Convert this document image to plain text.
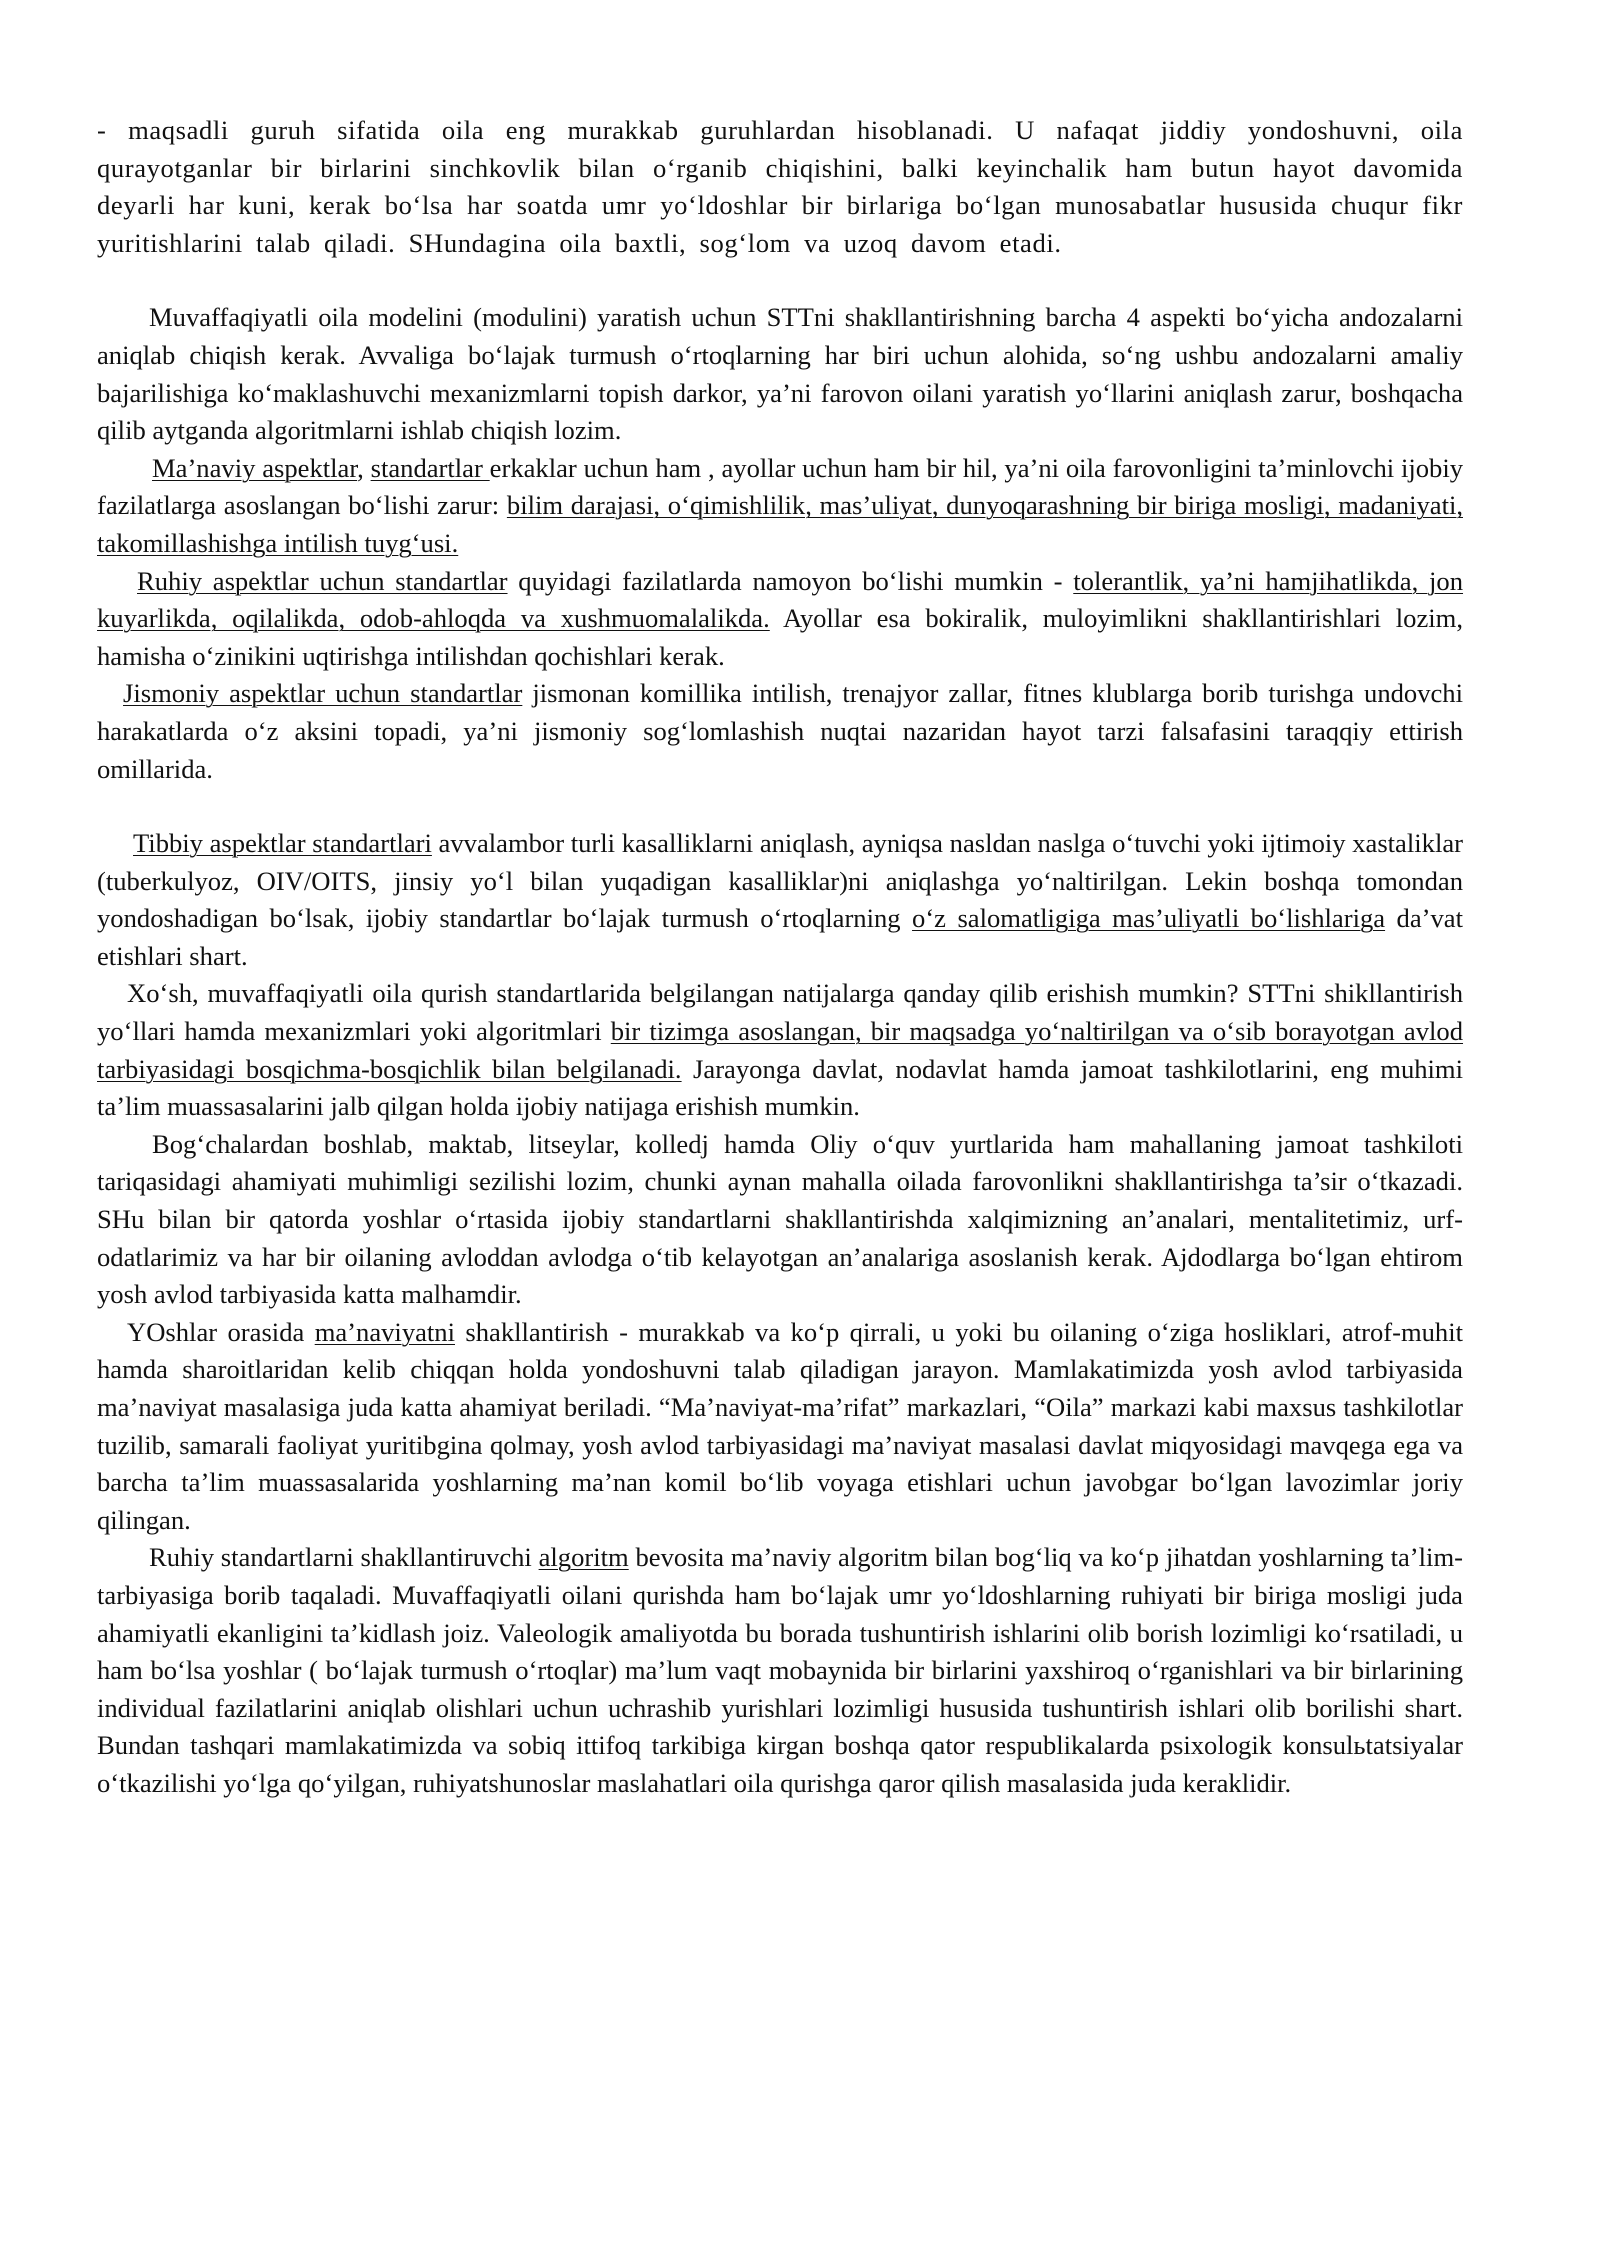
- maqsadli guruh sifatida oila eng murakkab guruhlardan hisoblanadi. U nafaqat jiddiy yondoshuvni, oila qurayotganlar bir birlarini sinchkovlik bilan o‘rganib chiqishini, balki keyinchalik ham butun hayot davomida deyarli har kuni, kerak bo‘lsa har soatda umr yo‘ldoshlar bir birlariga bo‘lgan munosabatlar hususida chuqur fikr yuritishlarini talab qiladi. SHundagina oila baxtli, sog‘lom va uzoq davom etadi.

Muvaffaqiyatli oila modelini (modulini) yaratish uchun STTni shakllantirishning barcha 4 aspekti bo‘yicha andozalarni aniqlab chiqish kerak. Avvaliga bo‘lajak turmush o‘rtoqlarning har biri uchun alohida, so‘ng ushbu andozalarni amaliy bajarilishiga ko‘maklashuvchi mexanizmlarni topish darkor, ya’ni farovon oilani yaratish yo‘llarini aniqlash zarur, boshqacha qilib aytganda algoritmlarni ishlab chiqish lozim.

Ma’naviy aspektlar, standartlar erkaklar uchun ham , ayollar uchun ham bir hil, ya’ni oila farovonligini ta’minlovchi ijobiy fazilatlarga asoslangan bo‘lishi zarur: bilim darajasi, o‘qimishlilik, mas’uliyat, dunyoqarashning bir biriga mosligi, madaniyati, takomillashishga intilish tuyg‘usi.

Ruhiy aspektlar uchun standartlar quyidagi fazilatlarda namoyon bo‘lishi mumkin - tolerantlik, ya’ni hamjihatlikda, jon kuyarlikda, oqilalikda, odob-ahloqda va xushmuomalalikda. Ayollar esa bokiralik, muloyimlikni shakllantirishlari lozim, hamisha o‘zinikini uqtirishga intilishdan qochishlari kerak.

Jismoniy aspektlar uchun standartlar jismonan komillika intilish, trenajyor zallar, fitnes klublarga borib turishga undovchi harakatlarda o‘z aksini topadi, ya’ni jismoniy sog‘lomlashish nuqtai nazaridan hayot tarzi falsafasini taraqqiy ettirish omillarida.

Tibbiy aspektlar standartlari avvalambor turli kasalliklarni aniqlash, ayniqsa nasldan naslga o‘tuvchi yoki ijtimoiy xastaliklar (tuberkulyoz, OIV/OITS, jinsiy yo‘l bilan yuqadigan kasalliklar)ni aniqlashga yo‘naltirilgan. Lekin boshqa tomondan yondoshadigan bo‘lsak, ijobiy standartlar bo‘lajak turmush o‘rtoqlarning o‘z salomatligiga mas’uliyatli bo‘lishlariga da’vat etishlari shart.

Xo‘sh, muvaffaqiyatli oila qurish standartlarida belgilangan natijalarga qanday qilib erishish mumkin? STTni shikllantirish yo‘llari hamda mexanizmlari yoki algoritmlari bir tizimga asoslangan, bir maqsadga yo‘naltirilgan va o‘sib borayotgan avlod tarbiyasidagi bosqichma-bosqichlik bilan belgilanadi. Jarayonga davlat, nodavlat hamda jamoat tashkilotlarini, eng muhimi ta’lim muassasalarini jalb qilgan holda ijobiy natijaga erishish mumkin.

Bog‘chalardan boshlab, maktab, litseylar, kolledj hamda Oliy o‘quv yurtlarida ham mahallaning jamoat tashkiloti tariqasidagi ahamiyati muhimligi sezilishi lozim, chunki aynan mahalla oilada farovonlikni shakllantirishga ta’sir o‘tkazadi. SHu bilan bir qatorda yoshlar o‘rtasida ijobiy standartlarni shakllantirishda xalqimizning an’analari, mentalitetimiz, urf-odatlarimiz va har bir oilaning avloddan avlodga o‘tib kelayotgan an’analariga asoslanish kerak. Ajdodlarga bo‘lgan ehtirom yosh avlod tarbiyasida katta malhamdir.

YOshlar orasida ma’naviyatni shakllantirish - murakkab va ko‘p qirrali, u yoki bu oilaning o‘ziga hosliklari, atrof-muhit hamda sharoitlaridan kelib chiqqan holda yondoshuvni talab qiladigan jarayon. Mamlakatimizda yosh avlod tarbiyasida ma’naviyat masalasiga juda katta ahamiyat beriladi. “Ma’naviyat-ma’rifat” markazlari, “Oila” markazi kabi maxsus tashkilotlar tuzilib, samarali faoliyat yuritibgina qolmay, yosh avlod tarbiyasidagi ma’naviyat masalasi davlat miqyosidagi mavqega ega va barcha ta’lim muassasalarida yoshlarning ma’nan komil bo‘lib voyaga etishlari uchun javobgar bo‘lgan lavozimlar joriy qilingan.

Ruhiy standartlarni shakllantiruvchi algoritm bevosita ma’naviy algoritm bilan bog‘liq va ko‘p jihatdan yoshlarning ta’lim-tarbiyasiga borib taqaladi. Muvaffaqiyatli oilani qurishda ham bo‘lajak umr yo‘ldoshlarning ruhiyati bir biriga mosligi juda ahamiyatli ekanligini ta’kidlash joiz. Valeologik amaliyotda bu borada tushuntirish ishlarini olib borish lozimligi ko‘rsatiladi, u ham bo‘lsa yoshlar ( bo‘lajak turmush o‘rtoqlar) ma’lum vaqt mobaynida bir birlarini yaxshiroq o‘rganishlari va bir birlarining individual fazilatlarini aniqlab olishlari uchun uchrashib yurishlari lozimligi hususida tushuntirish ishlari olib borilishi shart. Bundan tashqari mamlakatimizda va sobiq ittifoq tarkibiga kirgan boshqa qator respublikalarda psixologik konsulьtatsiyalar o‘tkazilishi yo‘lga qo‘yilgan, ruhiyatshunoslar maslahatlari oila qurishga qaror qilish masalasida juda keraklidir.
